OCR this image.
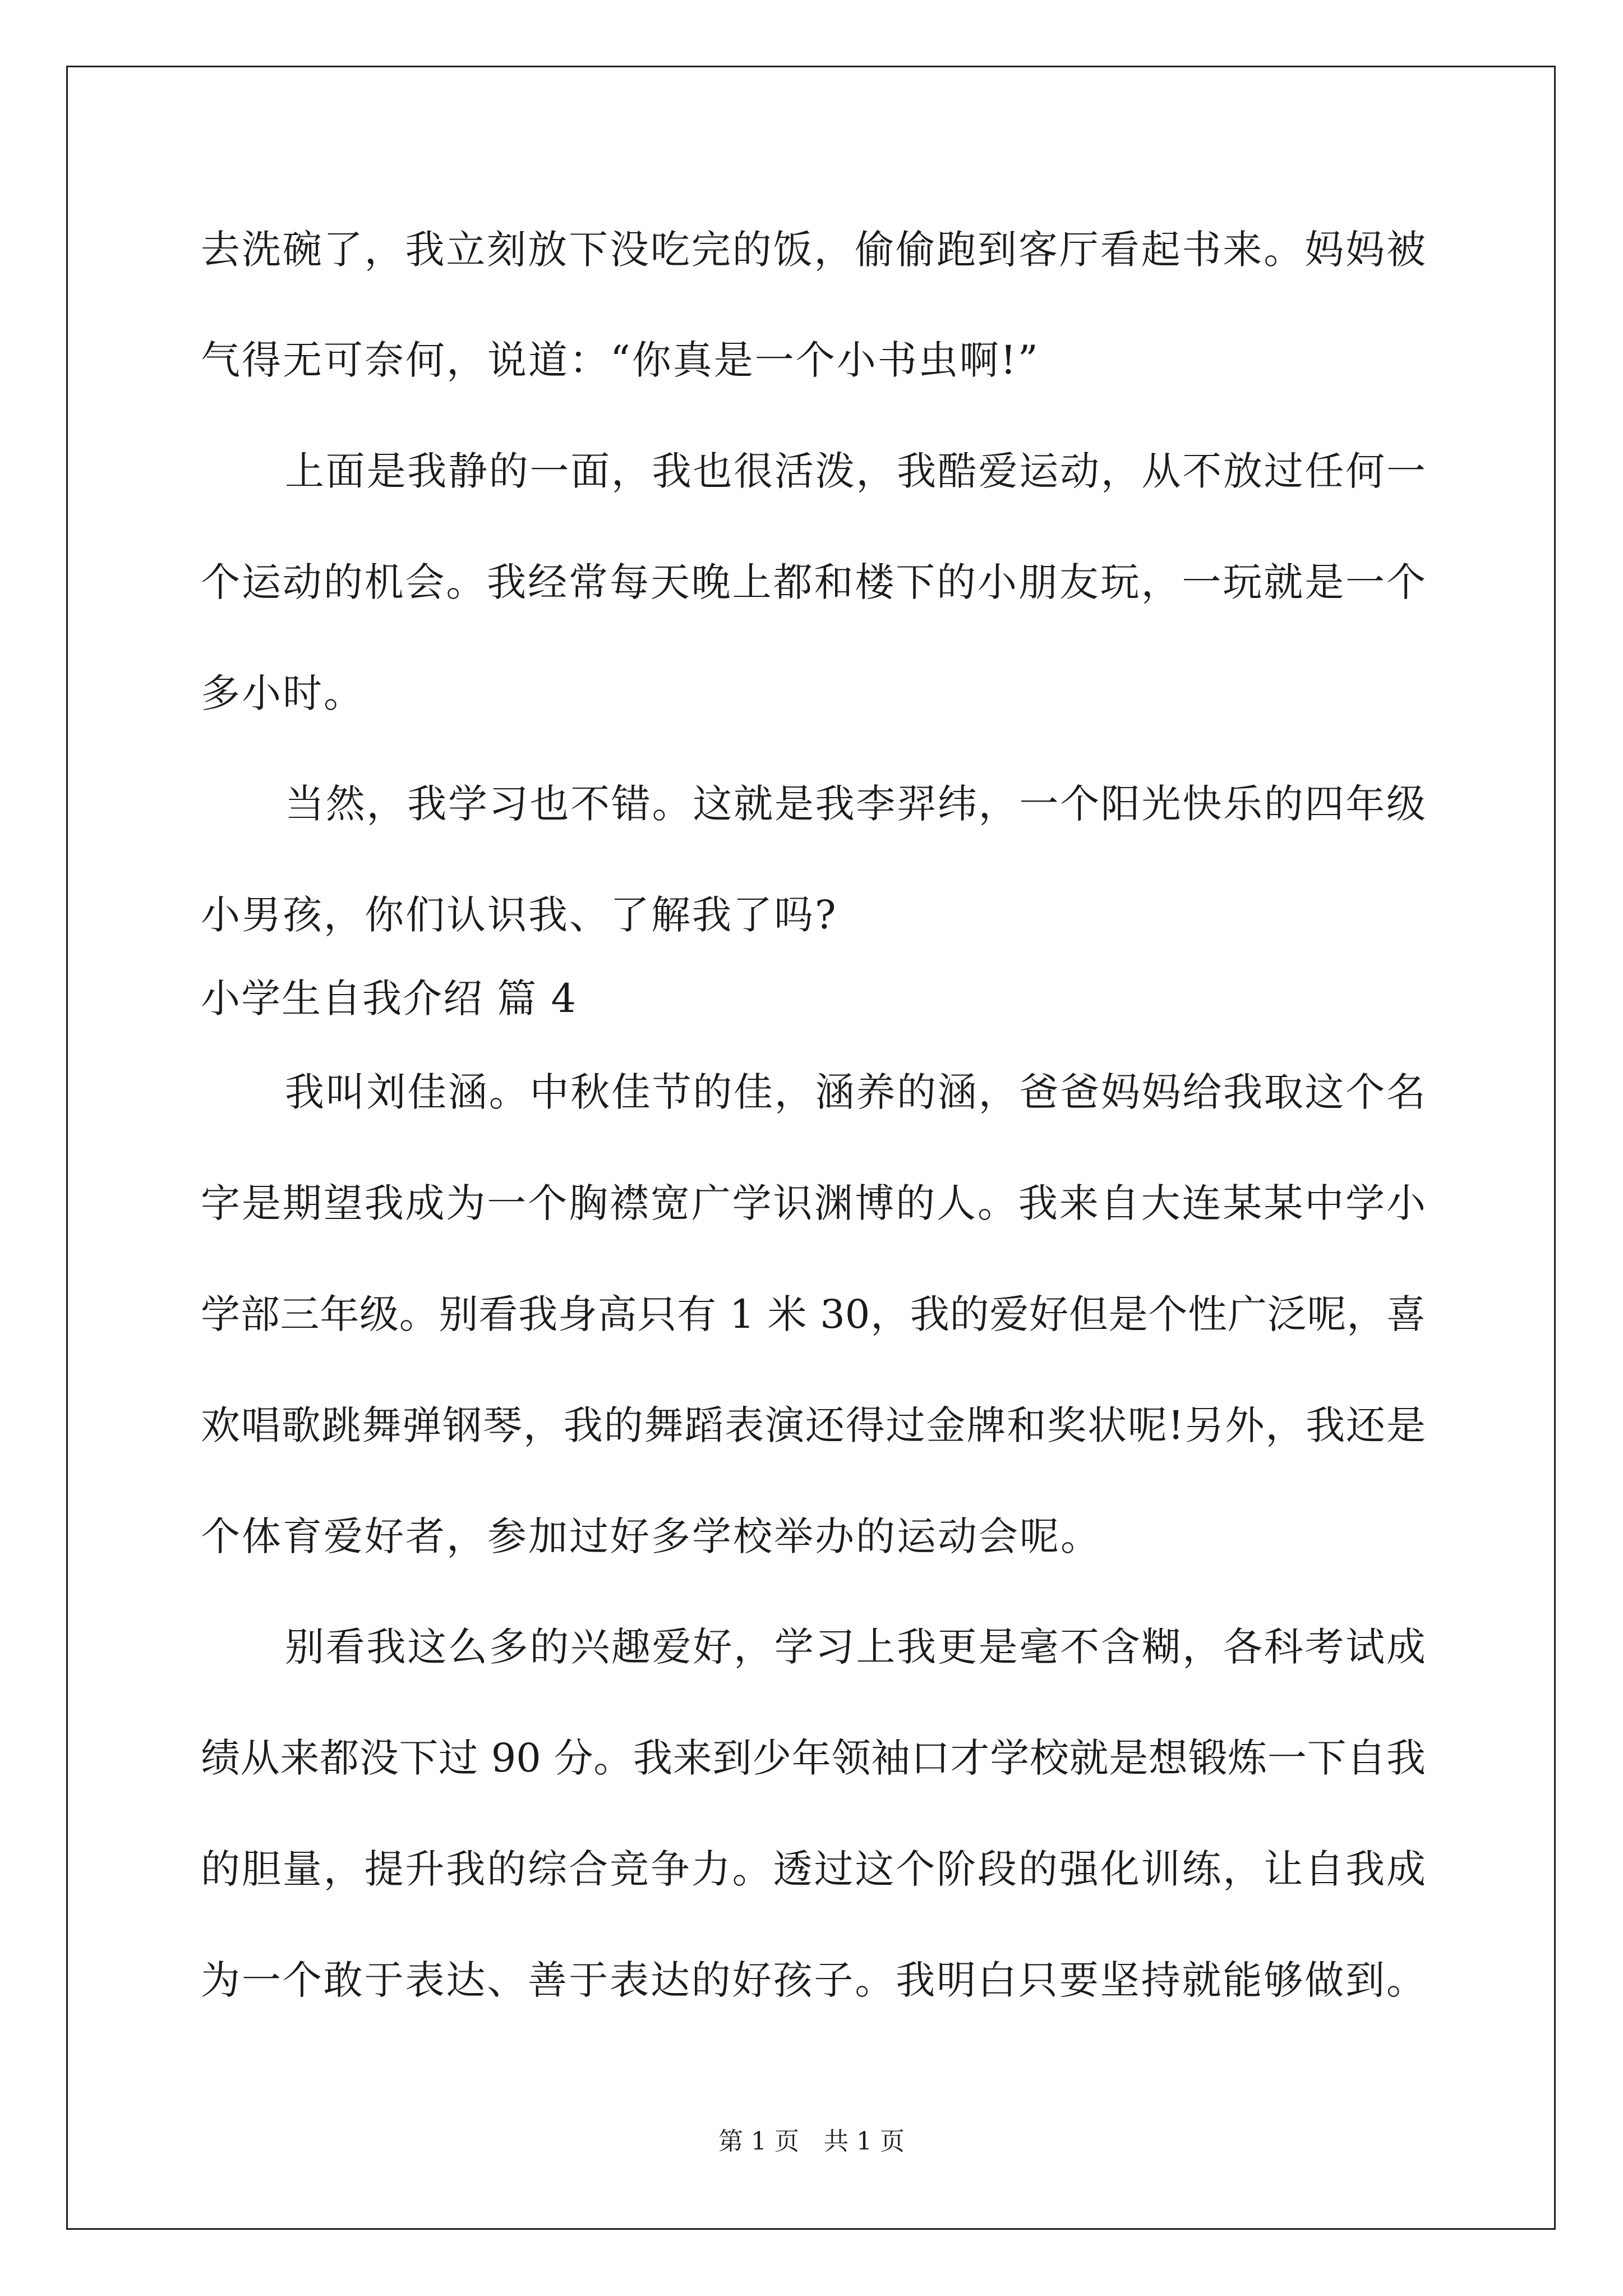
去洗碗了，我立刻放下没吃完的饭，偷偷跑到客厅看起书来。妈妈被
气得无可奈何，说道：“你真是一个小书虫啊!”
上面是我静的一面，我也很活泼，我酷爱运动，从不放过任何一
个运动的机会。我经常每天晚上都和楼下的小朋友玩，一玩就是一个
多小时。
当然，我学习也不错。这就是我李羿纬，一个阳光快乐的四年级
小男孩，你们认识我、了解我了吗?
小学生自我介绍 篇 4
我叫刘佳涵。中秋佳节的佳，涵养的涵，爸爸妈妈给我取这个名
字是期望我成为一个胸襟宽广学识渊博的人。我来自大连某某中学小
学部三年级。别看我身高只有 1 米 30，我的爱好但是个性广泛呢，喜
欢唱歌跳舞弹钢琴，我的舞蹈表演还得过金牌和奖状呢!另外，我还是
个体育爱好者，参加过好多学校举办的运动会呢。
别看我这么多的兴趣爱好，学习上我更是毫不含糊，各科考试成
绩从来都没下过 90 分。我来到少年领袖口才学校就是想锻炼一下自我
的胆量，提升我的综合竞争力。透过这个阶段的强化训练，让自我成
为一个敢于表达、善于表达的好孩子。我明白只要坚持就能够做到。
第 1 页　共 1 页
